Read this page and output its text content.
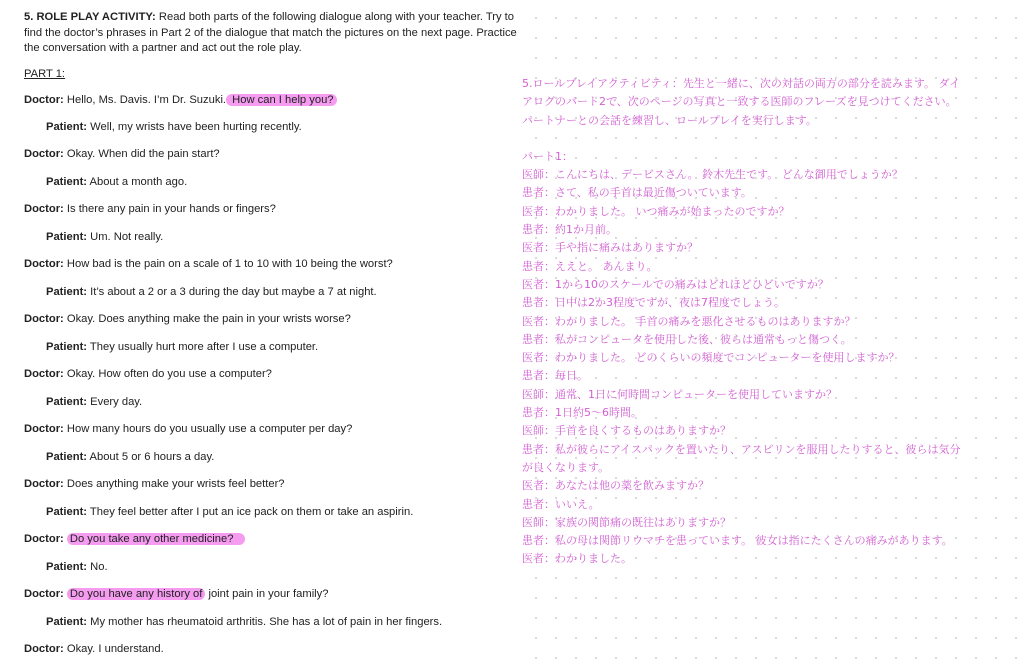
5. ROLE PLAY ACTIVITY: Read both parts of the following dialogue along with your teacher. Try to find the doctor’s phrases in Part 2 of the dialogue that match the pictures on the next page. Practice the conversation with a partner and act out the role play.

PART 1:

Doctor: Hello, Ms. Davis. I’m Dr. Suzuki. How can I help you?
Patient: Well, my wrists have been hurting recently.
Doctor: Okay. When did the pain start?
Patient: About a month ago.
Doctor: Is there any pain in your hands or fingers?
Patient: Um. Not really.
Doctor: How bad is the pain on a scale of 1 to 10 with 10 being the worst?
Patient: It’s about a 2 or a 3 during the day but maybe a 7 at night.
Doctor: Okay. Does anything make the pain in your wrists worse?
Patient: They usually hurt more after I use a computer.
Doctor: Okay. How often do you use a computer?
Patient: Every day.
Doctor: How many hours do you usually use a computer per day?
Patient: About 5 or 6 hours a day.
Doctor: Does anything make your wrists feel better?
Patient: They feel better after I put an ice pack on them or take an aspirin.
Doctor: Do you take any other medicine?
Patient: No.
Doctor: Do you have any history of joint pain in your family?
Patient: My mother has rheumatoid arthritis. She has a lot of pain in her fingers.
Doctor: Okay. I understand.

5.ロールプレイアクティビティ：先生と一緒に、次の対話の両方の部分を読みます。 ダイ

アログのパート2で、次のページの写真と一致する医師のフレーズを見つけてください。

パートナーとの会話を練習し、ロールプレイを実行します。

パート1：

医師：こんにちは、デービスさん。 鈴木先生です。 どんな御用でしょうか？

患者：さて、私の手首は最近傷ついています。

医者：わかりました。 いつ痛みが始まったのですか？

患者：約1か月前。

医者：手や指に痛みはありますか？

患者：ええと。 あんまり。

医者：1から10のスケールでの痛みはどれほどひどいですか？

患者：日中は2か3程度ですが、夜は7程度でしょう。

医者：わかりました。 手首の痛みを悪化させるものはありますか？

患者：私がコンピュータを使用した後、彼らは通常もっと傷つく。

医者：わかりました。 どのくらいの頻度でコンピューターを使用しますか？

患者：毎日。

医師：通常、1日に何時間コンピューターを使用していますか？

患者：1日約5〜6時間。

医師：手首を良くするものはありますか？

患者：私が彼らにアイスパックを置いたり、アスピリンを服用したりすると、彼らは気分

が良くなります。

医者：あなたは他の薬を飲みますか？

患者：いいえ。

医師：家族の関節痛の既往はありますか？

患者：私の母は関節リウマチを患っています。 彼女は指にたくさんの痛みがあります。

医者：わかりました。
